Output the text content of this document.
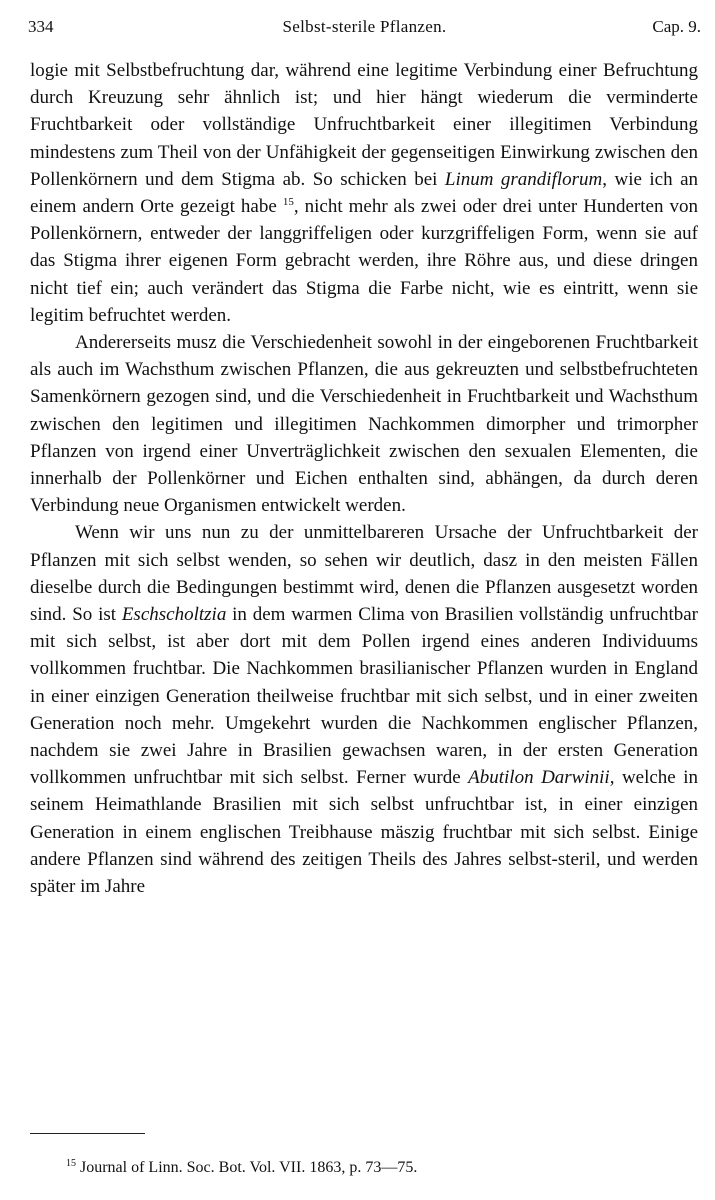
334	Selbst-sterile Pflanzen.	Cap. 9.

logie mit Selbstbefruchtung dar, während eine legitime Verbindung einer Befruchtung durch Kreuzung sehr ähnlich ist; und hier hängt wiederum die verminderte Fruchtbarkeit oder vollständige Unfruchtbarkeit einer illegitimen Verbindung mindestens zum Theil von der Unfähigkeit der gegenseitigen Einwirkung zwischen den Pollenkörnern und dem Stigma ab. So schicken bei Linum grandiflorum, wie ich an einem andern Orte gezeigt habe $^{15}$, nicht mehr als zwei oder drei unter Hunderten von Pollenkörnern, entweder der langgriffeligen oder kurzgriffeligen Form, wenn sie auf das Stigma ihrer eigenen Form gebracht werden, ihre Röhre aus, und diese dringen nicht tief ein; auch verändert das Stigma die Farbe nicht, wie es eintritt, wenn sie legitim befruchtet werden.

Andererseits musz die Verschiedenheit sowohl in der eingeborenen Fruchtbarkeit als auch im Wachsthum zwischen Pflanzen, die aus gekreuzten und selbstbefruchteten Samenkörnern gezogen sind, und die Verschiedenheit in Fruchtbarkeit und Wachsthum zwischen den legitimen und illegitimen Nachkommen dimorpher und trimorpher Pflanzen von irgend einer Unverträglichkeit zwischen den sexualen Elementen, die innerhalb der Pollenkörner und Eichen enthalten sind, abhängen, da durch deren Verbindung neue Organismen entwickelt werden.

Wenn wir uns nun zu der unmittelbareren Ursache der Unfruchtbarkeit der Pflanzen mit sich selbst wenden, so sehen wir deutlich, dasz in den meisten Fällen dieselbe durch die Bedingungen bestimmt wird, denen die Pflanzen ausgesetzt worden sind. So ist Eschscholtzia in dem warmen Clima von Brasilien vollständig unfruchtbar mit sich selbst, ist aber dort mit dem Pollen irgend eines anderen Individuums vollkommen fruchtbar. Die Nachkommen brasilianischer Pflanzen wurden in England in einer einzigen Generation theilweise fruchtbar mit sich selbst, und in einer zweiten Generation noch mehr. Umgekehrt wurden die Nachkommen englischer Pflanzen, nachdem sie zwei Jahre in Brasilien gewachsen waren, in der ersten Generation vollkommen unfruchtbar mit sich selbst. Ferner wurde Abutilon Darwinii, welche in seinem Heimathlande Brasilien mit sich selbst unfruchtbar ist, in einer einzigen Generation in einem englischen Treibhause mäszig fruchtbar mit sich selbst. Einige andere Pflanzen sind während des zeitigen Theils des Jahres selbst-steril, und werden später im Jahre

$^{15}$ Journal of Linn. Soc. Bot. Vol. VII. 1863, p. 73—75.
